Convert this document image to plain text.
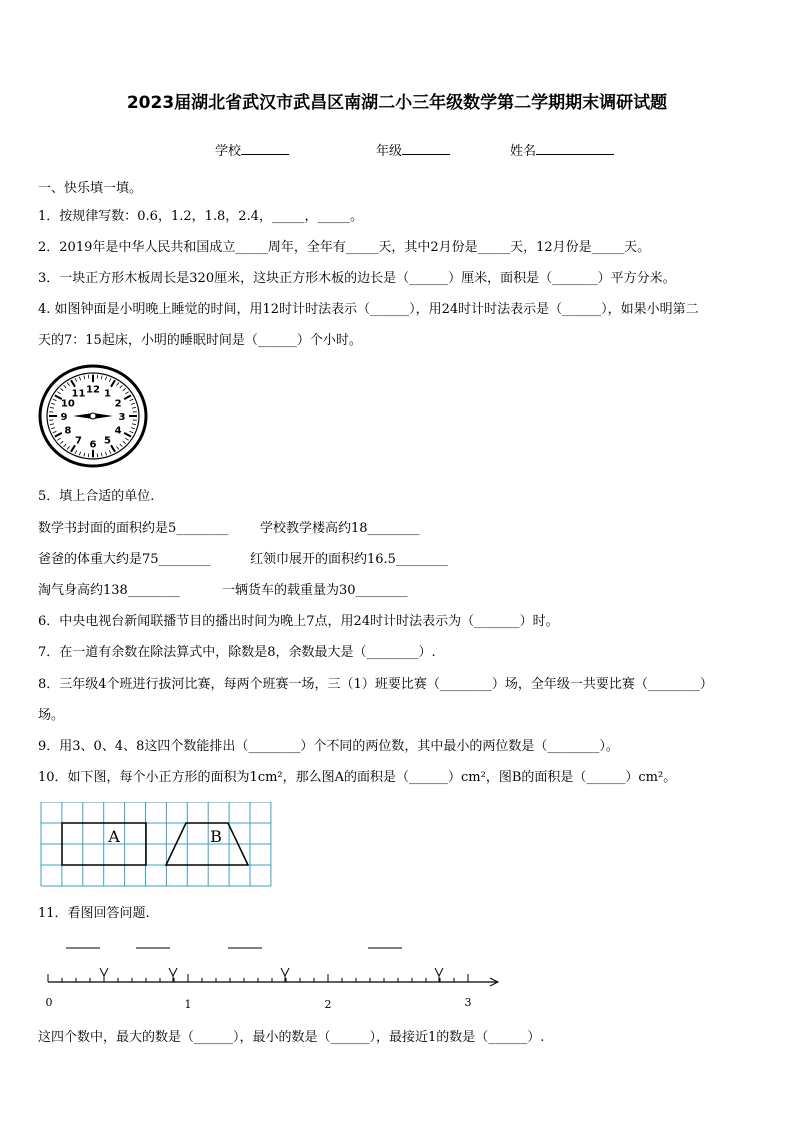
2023届湖北省武汉市武昌区南湖二小三年级数学第二学期期末调研试题
学校	年级	姓名
一、快乐填一填。
1．按规律写数：0.6，1.2，1.8，2.4，_____，_____。
2．2019年是中华人民共和国成立_____周年，全年有_____天，其中2月份是_____天，12月份是_____天。
3．一块正方形木板周长是320厘米，这块正方形木板的边长是（______）厘米，面积是（_______）平方分米。
4. 如图钟面是小明晚上睡觉的时间，用12时计时法表示（______），用24时计时法表示是（______），如果小明第二
天的7：15起床，小明的睡眠时间是（______）个小时。
12 1
2
3
4
5
6
7
8
9
10
11
5．填上合适的单位.
数学书封面的面积约是5________ 学校教学楼高约18________
爸爸的体重大约是75________	红领巾展开的面积约16.5________
淘气身高约138________	一辆货车的载重量为30________
6．中央电视台新闻联播节目的播出时间为晚上7点，用24时计时法表示为（_______）时。
7．在一道有余数在除法算式中，除数是8，余数最大是（________）.
8．三年级4个班进行拔河比赛，每两个班赛一场，三（1）班要比赛（________）场，全年级一共要比赛（________）
场。
9．用3、0、4、8这四个数能排出（________）个不同的两位数，其中最小的两位数是（________）。
10．如下图，每个小正方形的面积为1cm²，那么图A的面积是（______）cm²，图B的面积是（______）cm²。
A	B
11．看图回答问题.
0	1	2	3
这四个数中，最大的数是（______），最小的数是（______），最接近1的数是（______）.
